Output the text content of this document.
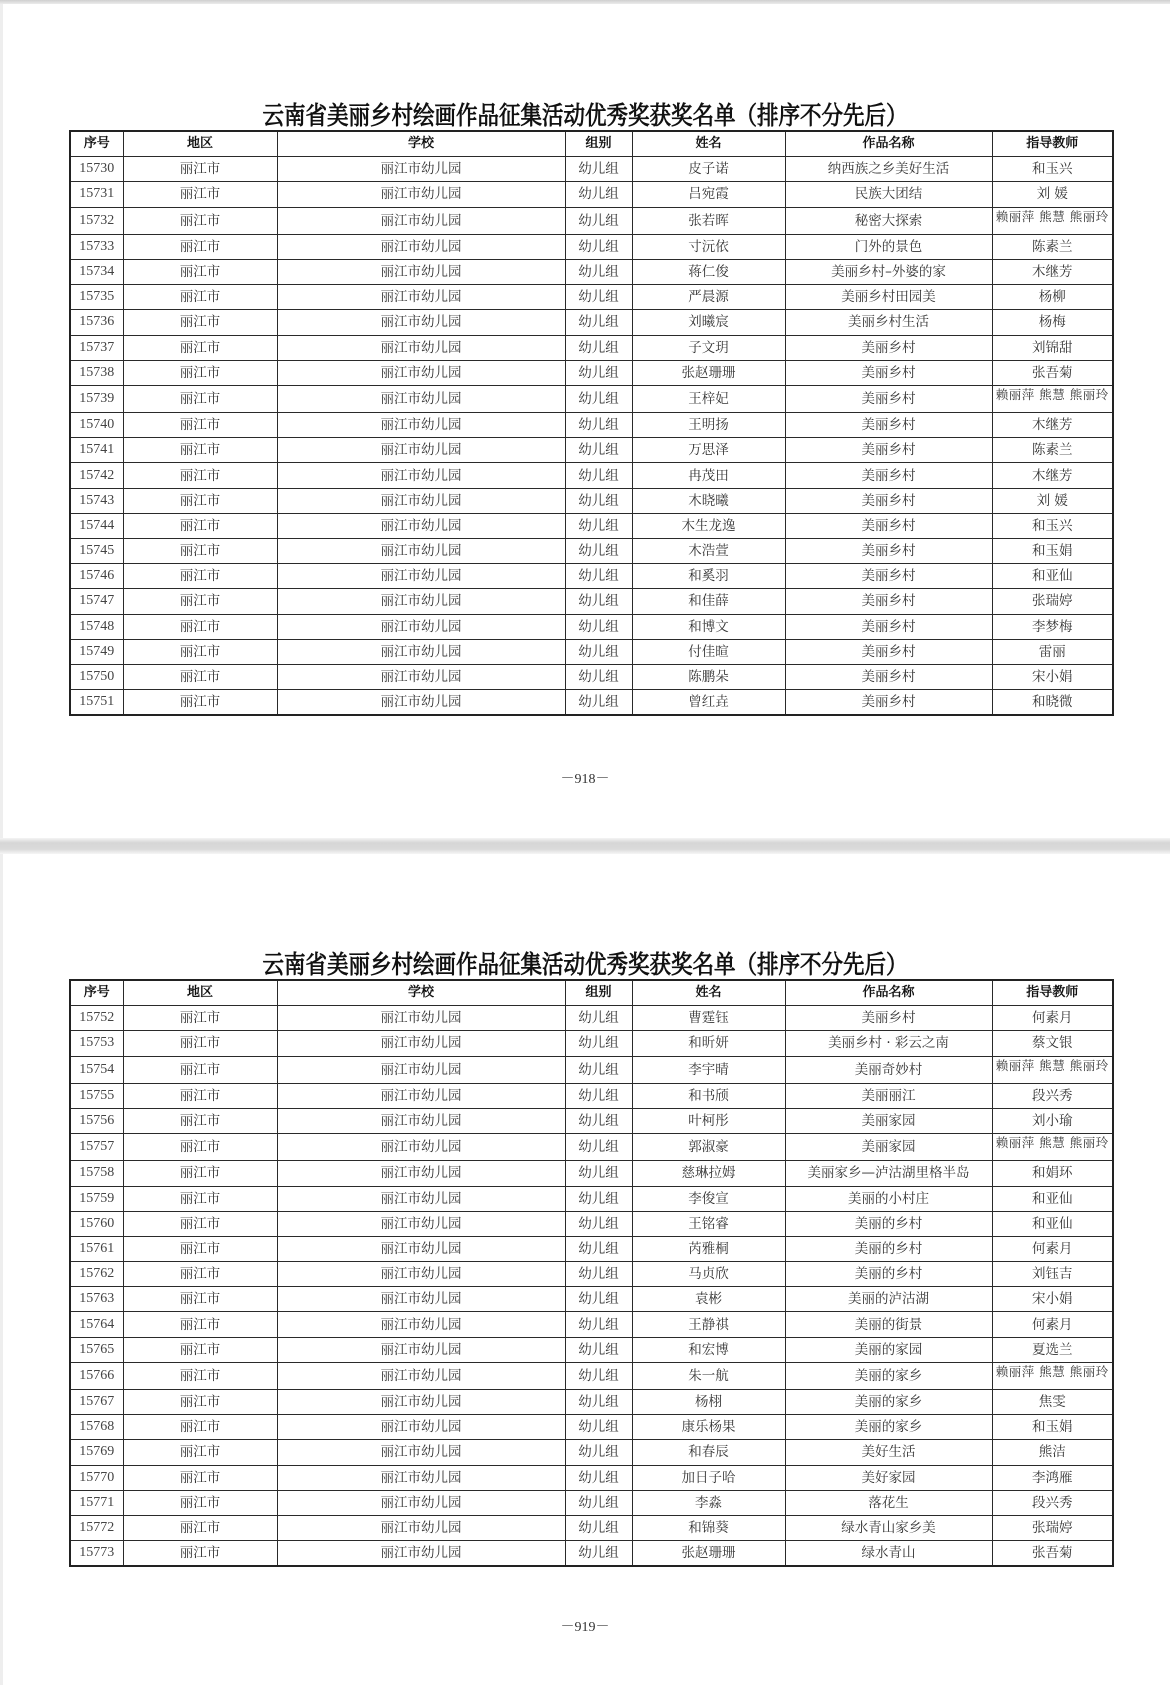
云南省美丽乡村绘画作品征集活动优秀奖获奖名单（排序不分先后）
序号	地区	学校	组别	姓名	作品名称	指导教师
15730	丽江市	丽江市幼儿园	幼儿组	皮子诺	纳西族之乡美好生活	和玉兴
15731	丽江市	丽江市幼儿园	幼儿组	吕宛霞	民族大团结	刘 媛
15732	丽江市	丽江市幼儿园	幼儿组	张若晖	秘密大探索	赖丽萍 熊慧 熊丽玲

15733	丽江市	丽江市幼儿园	幼儿组	寸沅依	门外的景色	陈素兰
15734	丽江市	丽江市幼儿园	幼儿组	蒋仁俊	美丽乡村–外婆的家	木继芳
15735	丽江市	丽江市幼儿园	幼儿组	严晨源	美丽乡村田园美	杨柳
15736	丽江市	丽江市幼儿园	幼儿组	刘曦宸	美丽乡村生活	杨梅
15737	丽江市	丽江市幼儿园	幼儿组	子文玥	美丽乡村	刘锦甜
15738	丽江市	丽江市幼儿园	幼儿组	张赵珊珊	美丽乡村	张吾菊
15739	丽江市	丽江市幼儿园	幼儿组	王梓妃	美丽乡村	赖丽萍 熊慧 熊丽玲

15740	丽江市	丽江市幼儿园	幼儿组	王明扬	美丽乡村	木继芳
15741	丽江市	丽江市幼儿园	幼儿组	万思泽	美丽乡村	陈素兰
15742	丽江市	丽江市幼儿园	幼儿组	冉茂田	美丽乡村	木继芳
15743	丽江市	丽江市幼儿园	幼儿组	木晓曦	美丽乡村	刘 媛
15744	丽江市	丽江市幼儿园	幼儿组	木生龙逸	美丽乡村	和玉兴
15745	丽江市	丽江市幼儿园	幼儿组	木浩萱	美丽乡村	和玉娟
15746	丽江市	丽江市幼儿园	幼儿组	和奚羽	美丽乡村	和亚仙
15747	丽江市	丽江市幼儿园	幼儿组	和佳薛	美丽乡村	张瑞婷
15748	丽江市	丽江市幼儿园	幼儿组	和博文	美丽乡村	李梦梅
15749	丽江市	丽江市幼儿园	幼儿组	付佳暄	美丽乡村	雷丽
15750	丽江市	丽江市幼儿园	幼儿组	陈鹏朵	美丽乡村	宋小娟
15751	丽江市	丽江市幼儿园	幼儿组	曾红垚	美丽乡村	和晓微
－918－
云南省美丽乡村绘画作品征集活动优秀奖获奖名单（排序不分先后）
序号	地区	学校	组别	姓名	作品名称	指导教师
15752	丽江市	丽江市幼儿园	幼儿组	曹霆钰	美丽乡村	何素月
15753	丽江市	丽江市幼儿园	幼儿组	和昕妍	美丽乡村 · 彩云之南	蔡文银
15754	丽江市	丽江市幼儿园	幼儿组	李宇晴	美丽奇妙村	赖丽萍 熊慧 熊丽玲

15755	丽江市	丽江市幼儿园	幼儿组	和书颀	美丽丽江	段兴秀
15756	丽江市	丽江市幼儿园	幼儿组	叶柯彤	美丽家园	刘小瑜
15757	丽江市	丽江市幼儿园	幼儿组	郭淑豪	美丽家园	赖丽萍 熊慧 熊丽玲

15758	丽江市	丽江市幼儿园	幼儿组	慈琳拉姆	美丽家乡—泸沽湖里格半岛	和娟环
15759	丽江市	丽江市幼儿园	幼儿组	李俊宣	美丽的小村庄	和亚仙
15760	丽江市	丽江市幼儿园	幼儿组	王铭睿	美丽的乡村	和亚仙
15761	丽江市	丽江市幼儿园	幼儿组	芮雅桐	美丽的乡村	何素月
15762	丽江市	丽江市幼儿园	幼儿组	马贞欣	美丽的乡村	刘钰吉
15763	丽江市	丽江市幼儿园	幼儿组	袁彬	美丽的泸沽湖	宋小娟
15764	丽江市	丽江市幼儿园	幼儿组	王静祺	美丽的街景	何素月
15765	丽江市	丽江市幼儿园	幼儿组	和宏博	美丽的家园	夏选兰
15766	丽江市	丽江市幼儿园	幼儿组	朱一航	美丽的家乡	赖丽萍 熊慧 熊丽玲

15767	丽江市	丽江市幼儿园	幼儿组	杨栩	美丽的家乡	焦雯
15768	丽江市	丽江市幼儿园	幼儿组	康乐杨果	美丽的家乡	和玉娟
15769	丽江市	丽江市幼儿园	幼儿组	和春辰	美好生活	熊洁
15770	丽江市	丽江市幼儿园	幼儿组	加日子哈	美好家园	李鸿雁
15771	丽江市	丽江市幼儿园	幼儿组	李淼	落花生	段兴秀
15772	丽江市	丽江市幼儿园	幼儿组	和锦葵	绿水青山家乡美	张瑞婷
15773	丽江市	丽江市幼儿园	幼儿组	张赵珊珊	绿水青山	张吾菊
－919－
